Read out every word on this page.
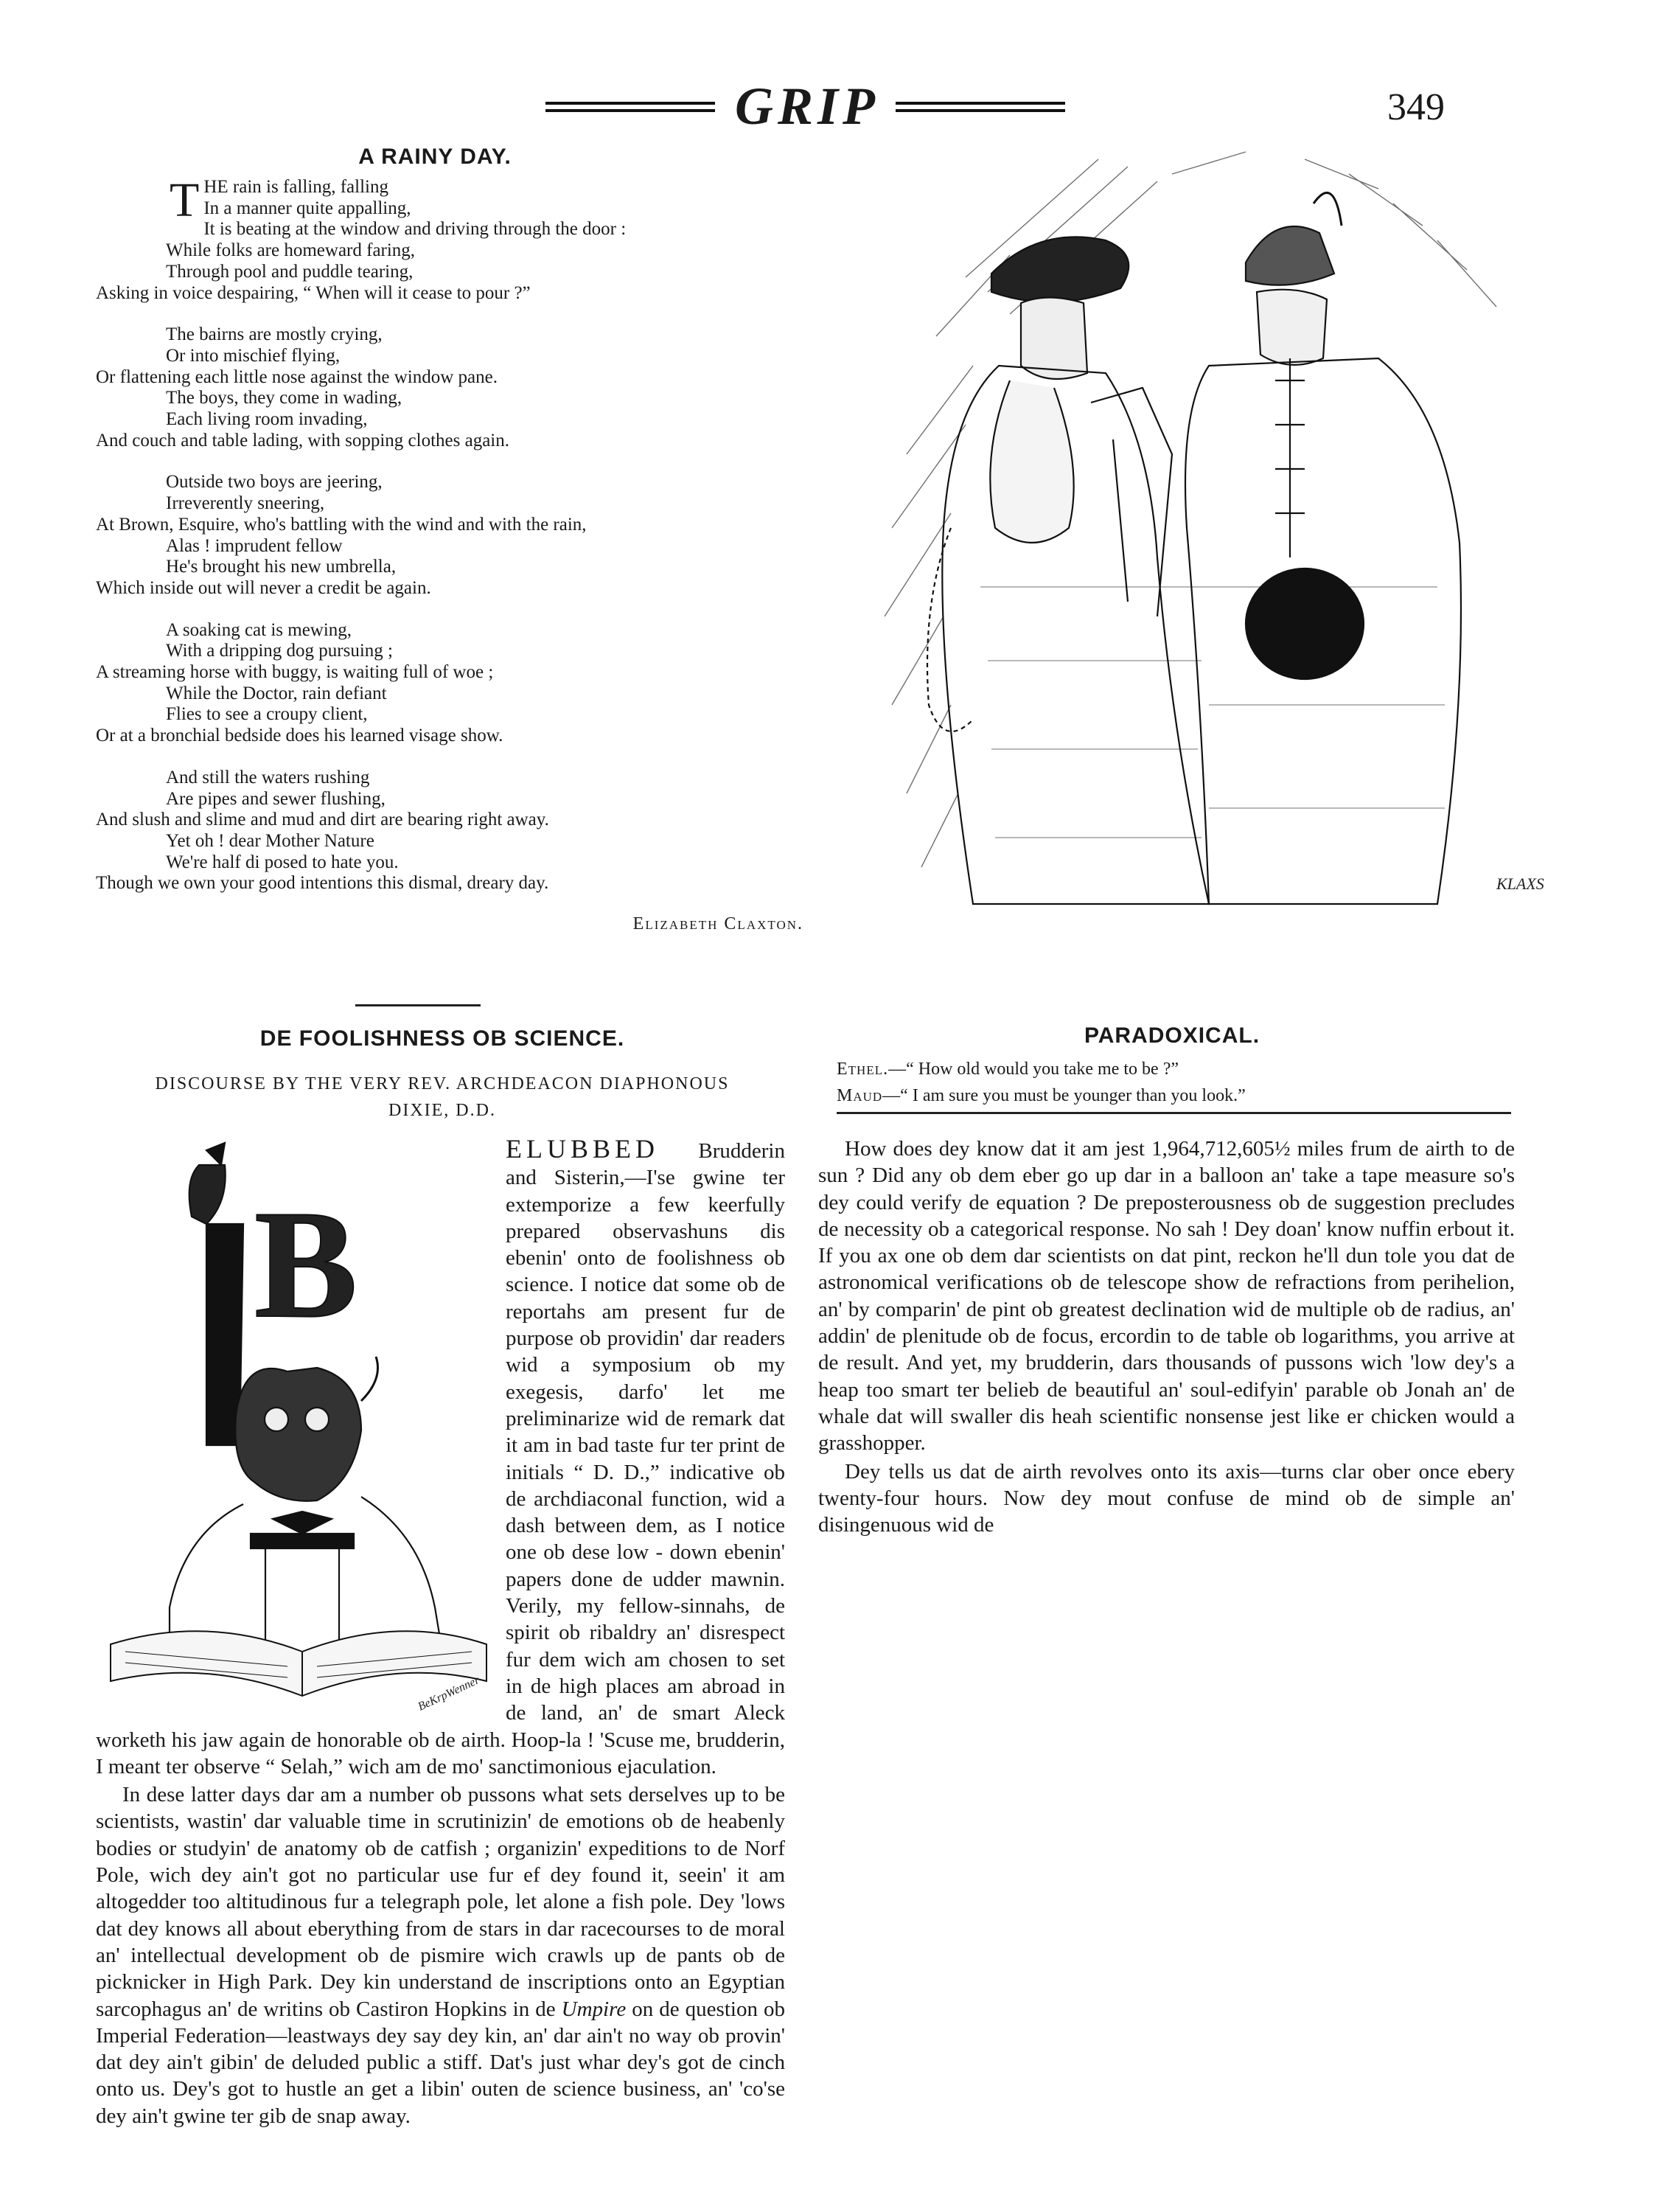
GRIP	349
A RAINY DAY.
THE rain is falling, falling
In a manner quite appalling,
It is beating at the window and driving through the door :
While folks are homeward faring,
Through pool and puddle tearing,
Asking in voice despairing, “ When will it cease to pour ?”
The bairns are mostly crying,
Or into mischief flying,
Or flattening each little nose against the window pane.
The boys, they come in wading,
Each living room invading,
And couch and table lading, with sopping clothes again.
Outside two boys are jeering,
Irreverently sneering,
At Brown, Esquire, who's battling with the wind and with the rain,
Alas ! imprudent fellow
He's brought his new umbrella,
Which inside out will never a credit be again.
A soaking cat is mewing,
With a dripping dog pursuing ;
A streaming horse with buggy, is waiting full of woe ;
While the Doctor, rain defiant
Flies to see a croupy client,
Or at a bronchial bedside does his learned visage show.
And still the waters rushing
Are pipes and sewer flushing,
And slush and slime and mud and dirt are bearing right away.
Yet oh ! dear Mother Nature
We're half di posed to hate you.
Though we own your good intentions this dismal, dreary day.
Elizabeth Claxton.
KLAXS
DE FOOLISHNESS OB SCIENCE.
DISCOURSE BY THE VERY REV. ARCHDEACON DIAPHONOUS
DIXIE, D.D.
PARADOXICAL.
Ethel.—“ How old would you take me to be ?”
Maud—“ I am sure you must be younger than you look.”
B
BeKrpWenner

ELUBBED Brudderin and Sisterin,—I'se gwine ter extemporize a few keerfully prepared observashuns dis ebenin' onto de foolishness ob science. I notice dat some ob de reportahs am present fur de purpose ob providin' dar readers wid a symposium ob my exegesis, darfo' let me preliminarize wid de remark dat it am in bad taste fur ter print de initials “ D. D.,” indicative ob de archdiaconal function, wid a dash between dem, as I notice one ob dese low - down ebenin' papers done de udder mawnin. Verily, my fellow-sinnahs, de spirit ob ribaldry an' disrespect fur dem wich am chosen to set in de high places am abroad in de land, an' de smart Aleck worketh his jaw again de honorable ob de airth. Hoop-la ! 'Scuse me, brudderin, I meant ter observe “ Selah,” wich am de mo' sanctimonious ejaculation.

In dese latter days dar am a number ob pussons what sets derselves up to be scientists, wastin' dar valuable time in scrutinizin' de emotions ob de heabenly bodies or studyin' de anatomy ob de catfish ; organizin' expeditions to de Norf Pole, wich dey ain't got no particular use fur ef dey found it, seein' it am altogedder too altitudinous fur a telegraph pole, let alone a fish pole. Dey 'lows dat dey knows all about eberything from de stars in dar racecourses to de moral an' intellectual development ob de pismire wich crawls up de pants ob de picknicker in High Park. Dey kin understand de inscriptions onto an Egyptian sarcophagus an' de writins ob Castiron Hopkins in de Umpire on de question ob Imperial Federation—leastways dey say dey kin, an' dar ain't no way ob provin' dat dey ain't gibin' de deluded public a stiff. Dat's just whar dey's got de cinch onto us. Dey's got to hustle an get a libin' outen de science business, an' 'co'se dey ain't gwine ter gib de snap away.

How does dey know dat it am jest 1,964,712,605½ miles frum de airth to de sun ? Did any ob dem eber go up dar in a balloon an' take a tape measure so's dey could verify de equation ? De preposterousness ob de suggestion precludes de necessity ob a categorical response. No sah ! Dey doan' know nuffin erbout it. If you ax one ob dem dar scientists on dat pint, reckon he'll dun tole you dat de astronomical verifications ob de telescope show de refractions from perihelion, an' by comparin' de pint ob greatest declination wid de multiple ob de radius, an' addin' de plenitude ob de focus, ercordin to de table ob logarithms, you arrive at de result. And yet, my brudderin, dars thousands of pussons wich 'low dey's a heap too smart ter belieb de beautiful an' soul-edifyin' parable ob Jonah an' de whale dat will swaller dis heah scientific nonsense jest like er chicken would a grasshopper.

Dey tells us dat de airth revolves onto its axis—turns clar ober once ebery twenty-four hours. Now dey mout confuse de mind ob de simple an' disingenuous wid de
